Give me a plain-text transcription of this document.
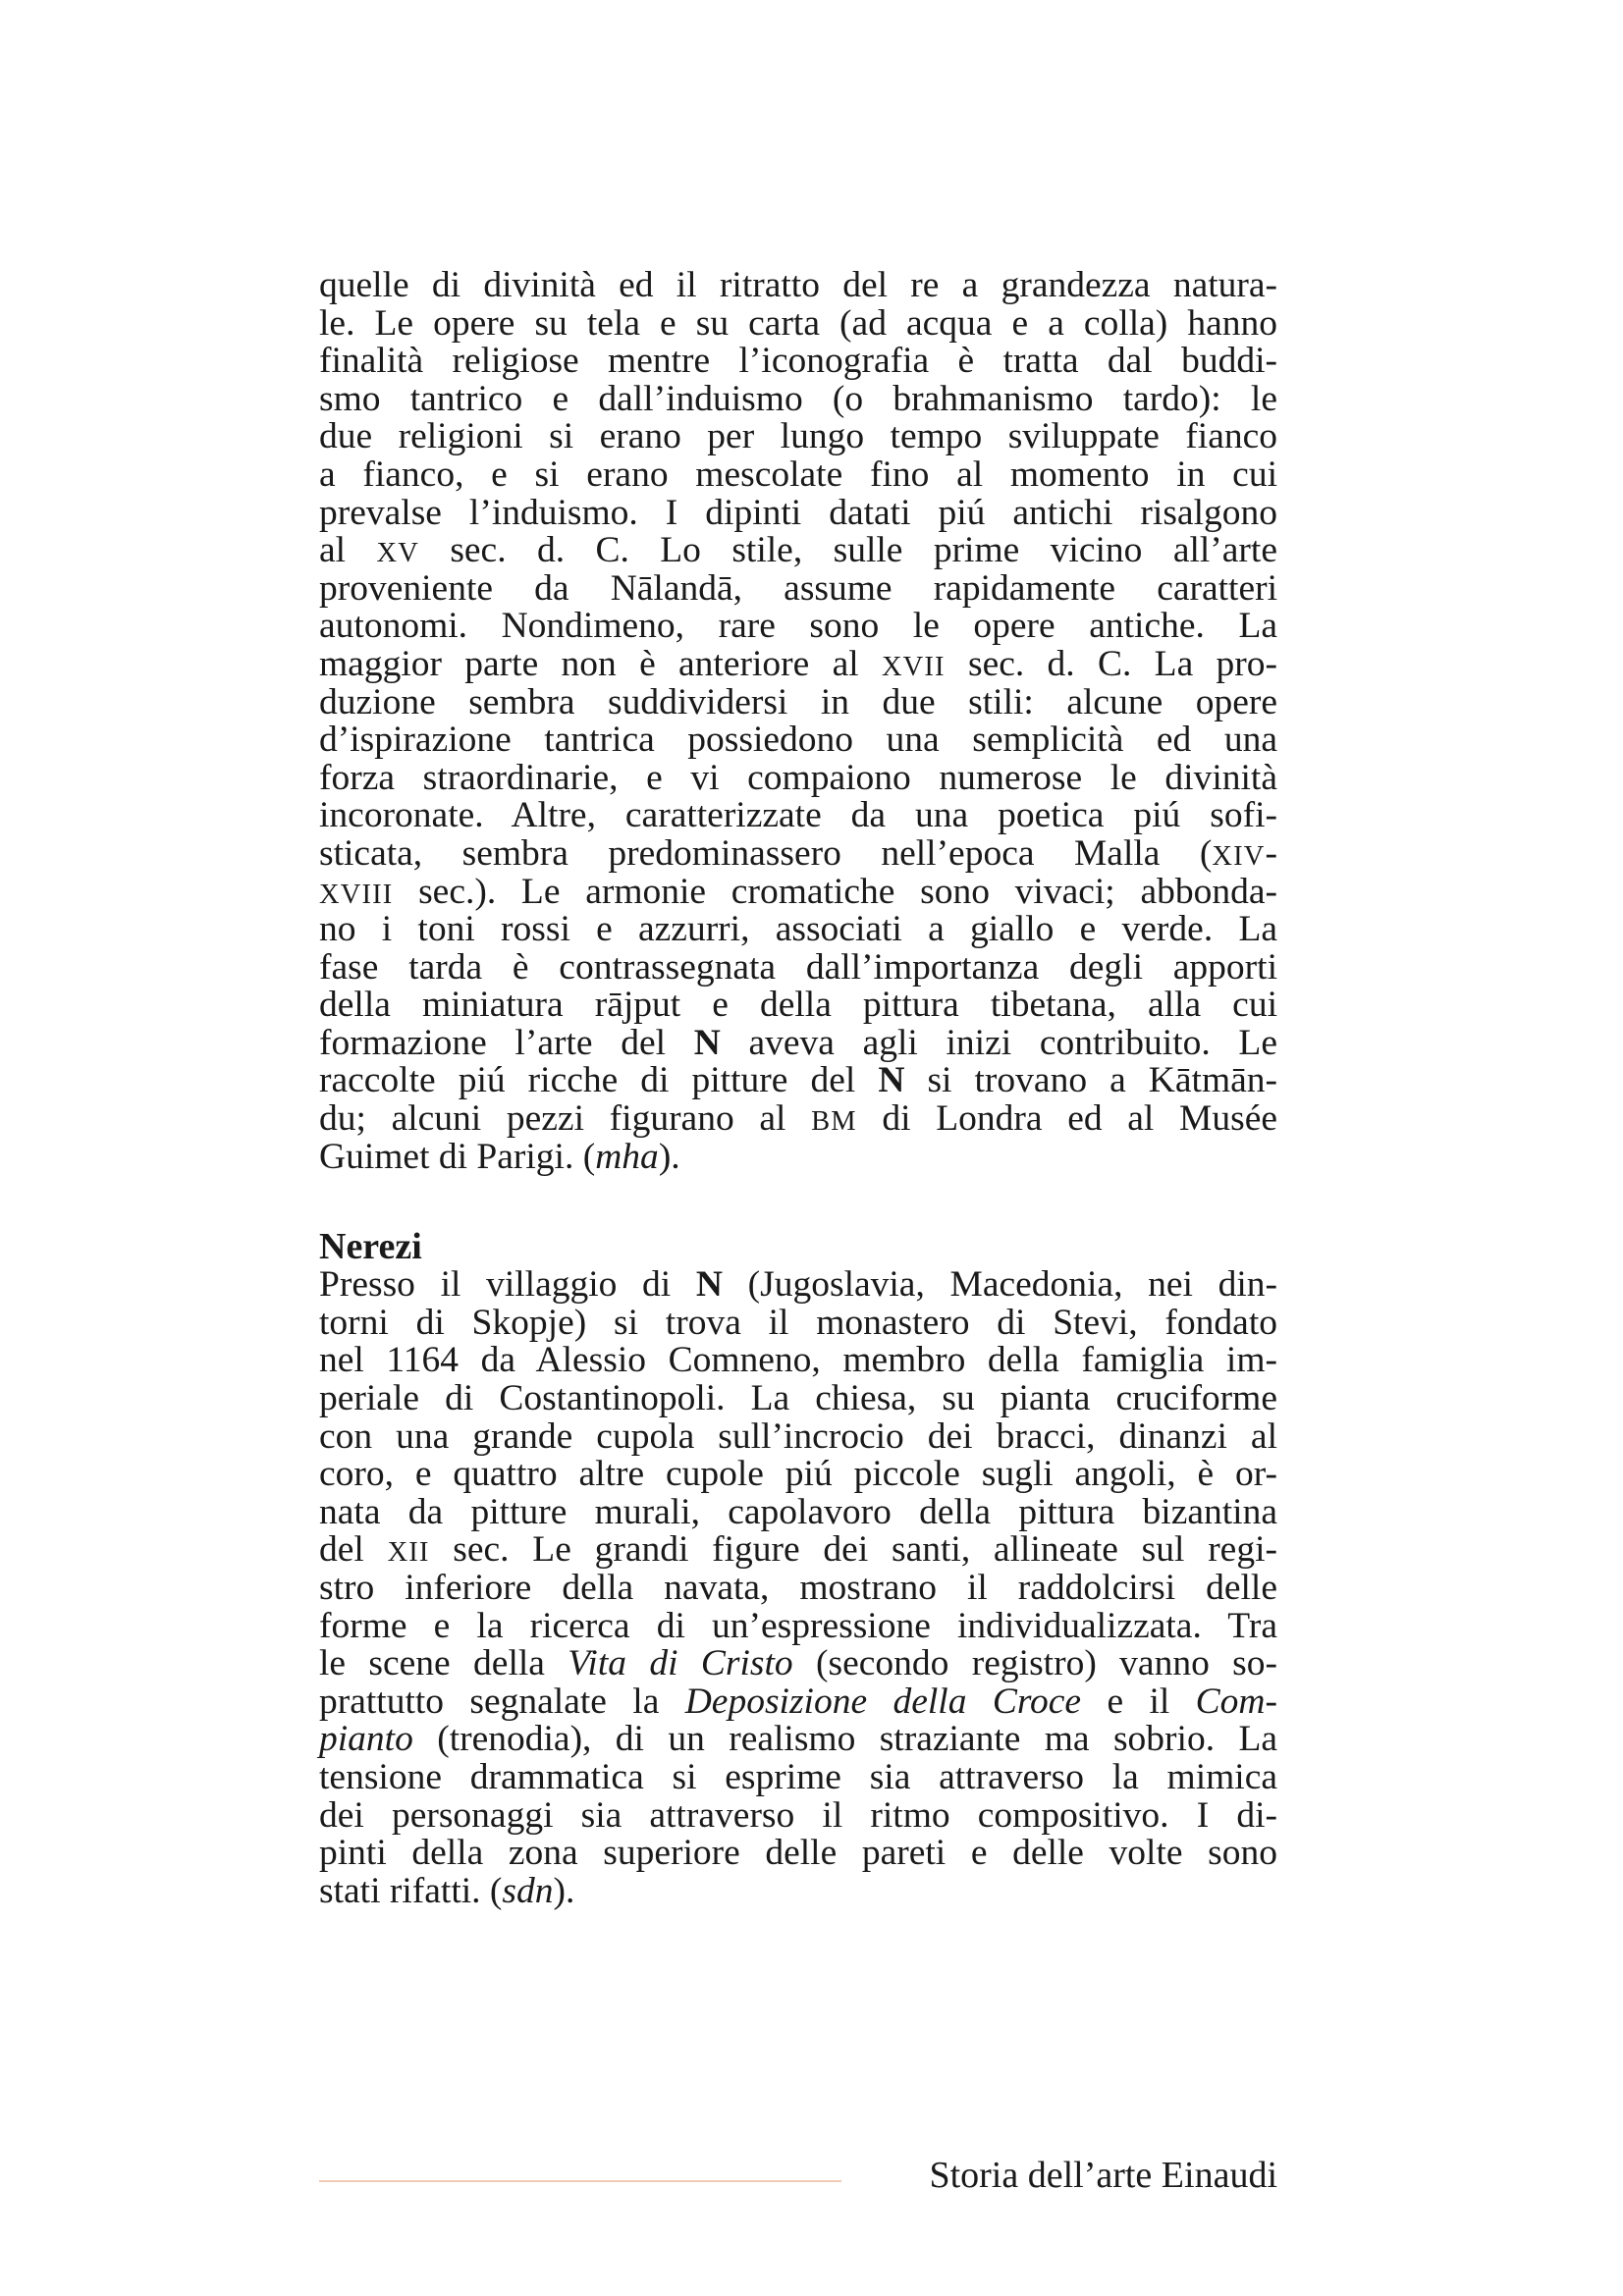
quelle di divinità ed il ritratto del re a grandezza natura-
le. Le opere su tela e su carta (ad acqua e a colla) hanno
finalità religiose mentre l’iconografia è tratta dal buddi-
smo tantrico e dall’induismo (o brahmanismo tardo): le
due religioni si erano per lungo tempo sviluppate fianco
a fianco, e si erano mescolate fino al momento in cui
prevalse l’induismo. I dipinti datati piú antichi risalgono
al XV sec. d. C. Lo stile, sulle prime vicino all’arte
proveniente da Nālandā, assume rapidamente caratteri
autonomi. Nondimeno, rare sono le opere antiche. La
maggior parte non è anteriore al XVII sec. d. C. La pro-
duzione sembra suddividersi in due stili: alcune opere
d’ispirazione tantrica possiedono una semplicità ed una
forza straordinarie, e vi compaiono numerose le divinità
incoronate. Altre, caratterizzate da una poetica piú sofi-
sticata, sembra predominassero nell’epoca Malla (XIV-
XVIII sec.). Le armonie cromatiche sono vivaci; abbonda-
no i toni rossi e azzurri, associati a giallo e verde. La
fase tarda è contrassegnata dall’importanza degli apporti
della miniatura rājput e della pittura tibetana, alla cui
formazione l’arte del N aveva agli inizi contribuito. Le
raccolte piú ricche di pitture del N si trovano a Kātmān-
du; alcuni pezzi figurano al BM di Londra ed al Musée
Guimet di Parigi. (mha).
Nerezi
Presso il villaggio di N (Jugoslavia, Macedonia, nei din-
torni di Skopje) si trova il monastero di Stevi, fondato
nel 1164 da Alessio Comneno, membro della famiglia im-
periale di Costantinopoli. La chiesa, su pianta cruciforme
con una grande cupola sull’incrocio dei bracci, dinanzi al
coro, e quattro altre cupole piú piccole sugli angoli, è or-
nata da pitture murali, capolavoro della pittura bizantina
del XII sec. Le grandi figure dei santi, allineate sul regi-
stro inferiore della navata, mostrano il raddolcirsi delle
forme e la ricerca di un’espressione individualizzata. Tra
le scene della Vita di Cristo (secondo registro) vanno so-
prattutto segnalate la Deposizione della Croce e il Com-
pianto (trenodia), di un realismo straziante ma sobrio. La
tensione drammatica si esprime sia attraverso la mimica
dei personaggi sia attraverso il ritmo compositivo. I di-
pinti della zona superiore delle pareti e delle volte sono
stati rifatti. (sdn).
Storia dell’arte Einaudi
